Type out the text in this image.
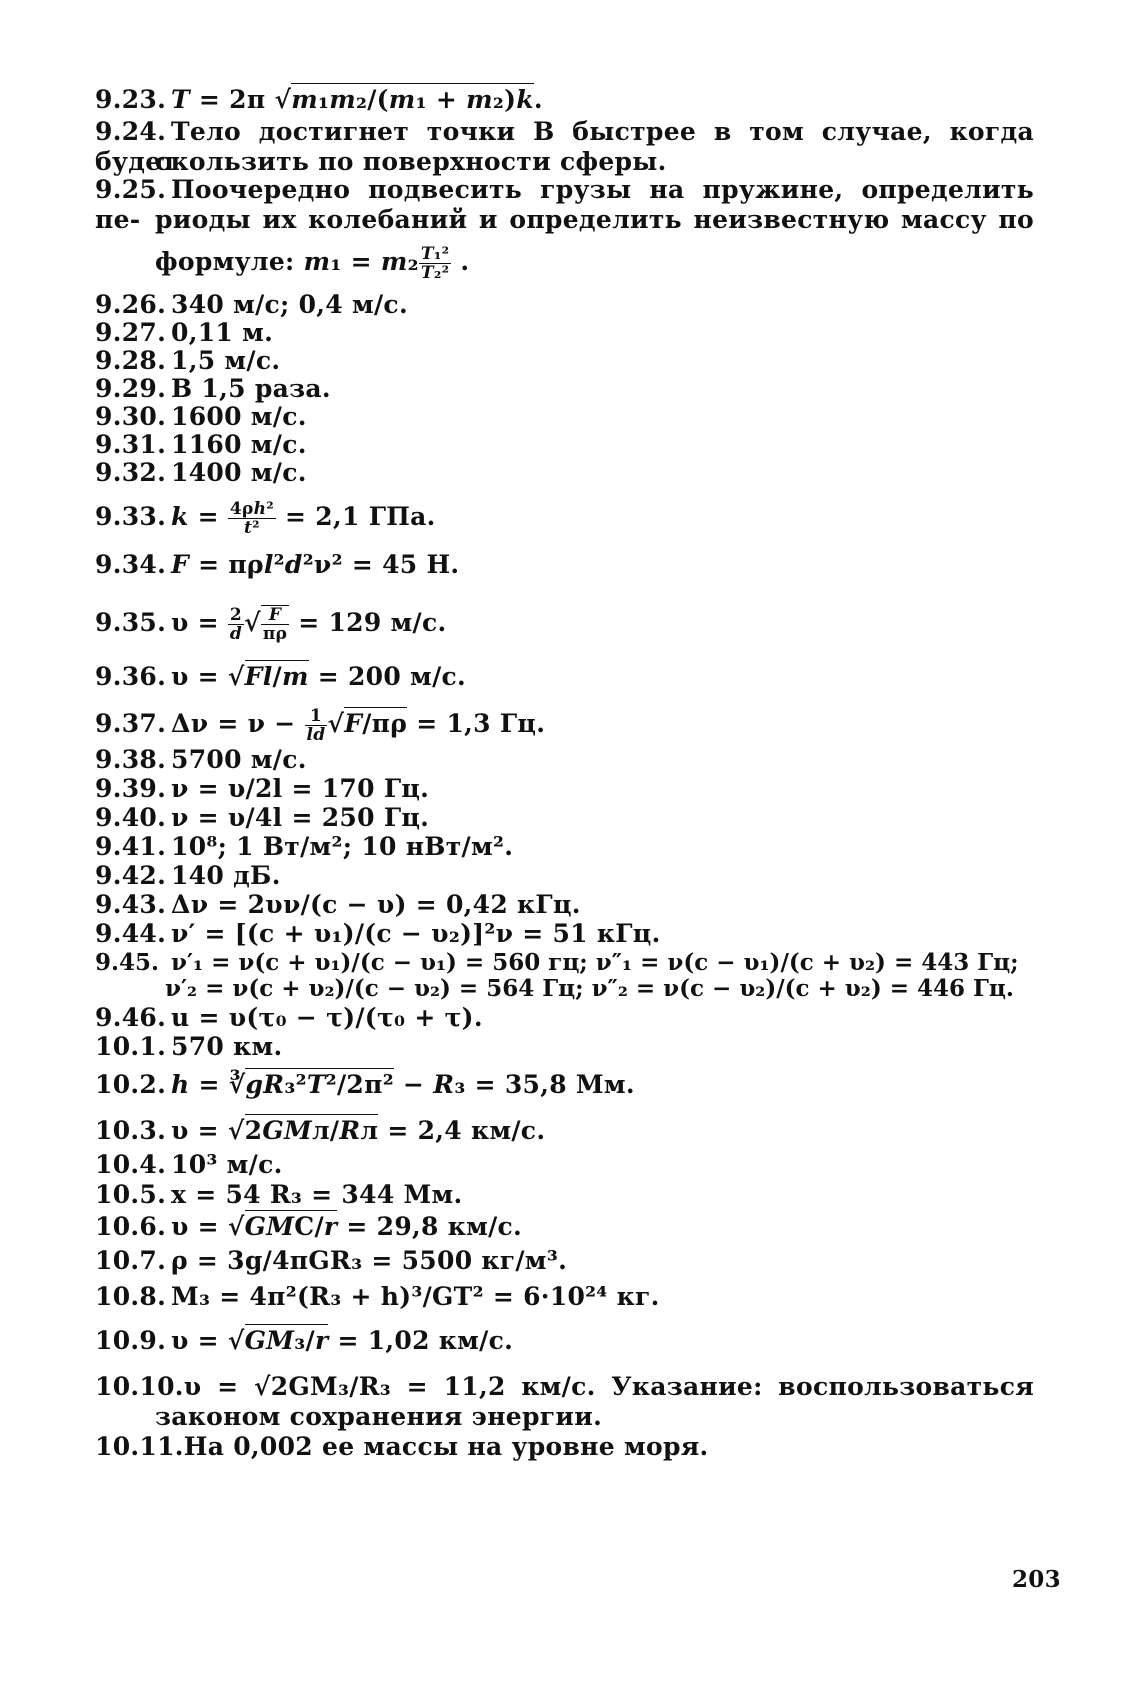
9.23. T = 2π √m₁m₂/(m₁ + m₂)k.
9.24. Тело достигнет точки B быстрее в том случае, когда будет
скользить по поверхности сферы.
9.25. Поочередно подвесить грузы на пружине, определить пе- риоды их колебаний и определить неизвестную массу по
формуле: $m_1 = m_2 \frac{\text{T₁²}}{\text{T₂²}}$ .
9.26. 340 м/с; 0,4 м/с.
9.27. 0,11 м.
9.28. 1,5 м/с.
9.29. В 1,5 раза.
9.30. 1600 м/с.
9.31. 1160 м/с.
9.32. 1400 м/с.
9.33. $k = \frac{\text{4ρh²}}{\text{t²}} = 2,1$ ГПа.
9.34. F = πρl²d²ν² = 45 Н.
9.35. $\upsilon = \frac{2}{d}$ √ $\frac{F}{\pi\rho} = 129$ м/с.
9.36. υ = √Fl/m = 200 м/с.
9.37. $\Delta\nu = \nu - \frac{1}{ld} √F/\pi\rho = 1,3$ Гц.
9.38. 5700 м/с.
9.39. ν = υ/2l = 170 Гц.
9.40. ν = υ/4l = 250 Гц.
9.41. 10⁸; 1 Вт/м²; 10 нВт/м².
9.42. 140 дБ.
9.43. Δν = 2υν/(c − υ) = 0,42 кГц.
9.44. ν′ = [(c + υ₁)/(c − υ₂)]²ν = 51 кГц.
9.45. ν′₁ = ν(c + υ₁)/(c − υ₁) = 560 гц; ν″₁ = ν(c − υ₁)/(c + υ₂) = 443 Гц;
ν′₂ = ν(c + υ₂)/(c − υ₂) = 564 Гц; ν″₂ = ν(c − υ₂)/(c + υ₂) = 446 Гц.
9.46. u = υ(τ₀ − τ)/(τ₀ + τ).
10.1. 570 км.
10.2. h = ∛gR₃²T²/2π² − R₃ = 35,8 Мм.
10.3. υ = √2GMл/Rл = 2,4 км/с.
10.4. 10³ м/с.
10.5. x = 54 R₃ = 344 Мм.
10.6. υ = √GMC/r = 29,8 км/с.
10.7. ρ = 3g/4πGR₃ = 5500 кг/м³.
10.8. M₃ = 4π²(R₃ + h)³/GT² = 6·10²⁴ кг.
10.9. υ = √GM₃/r = 1,02 км/с.
10.10.υ = √2GM₃/R₃ = 11,2 км/с. Указание: воспользоваться
законом сохранения энергии.
10.11.На 0,002 ее массы на уровне моря.
203
